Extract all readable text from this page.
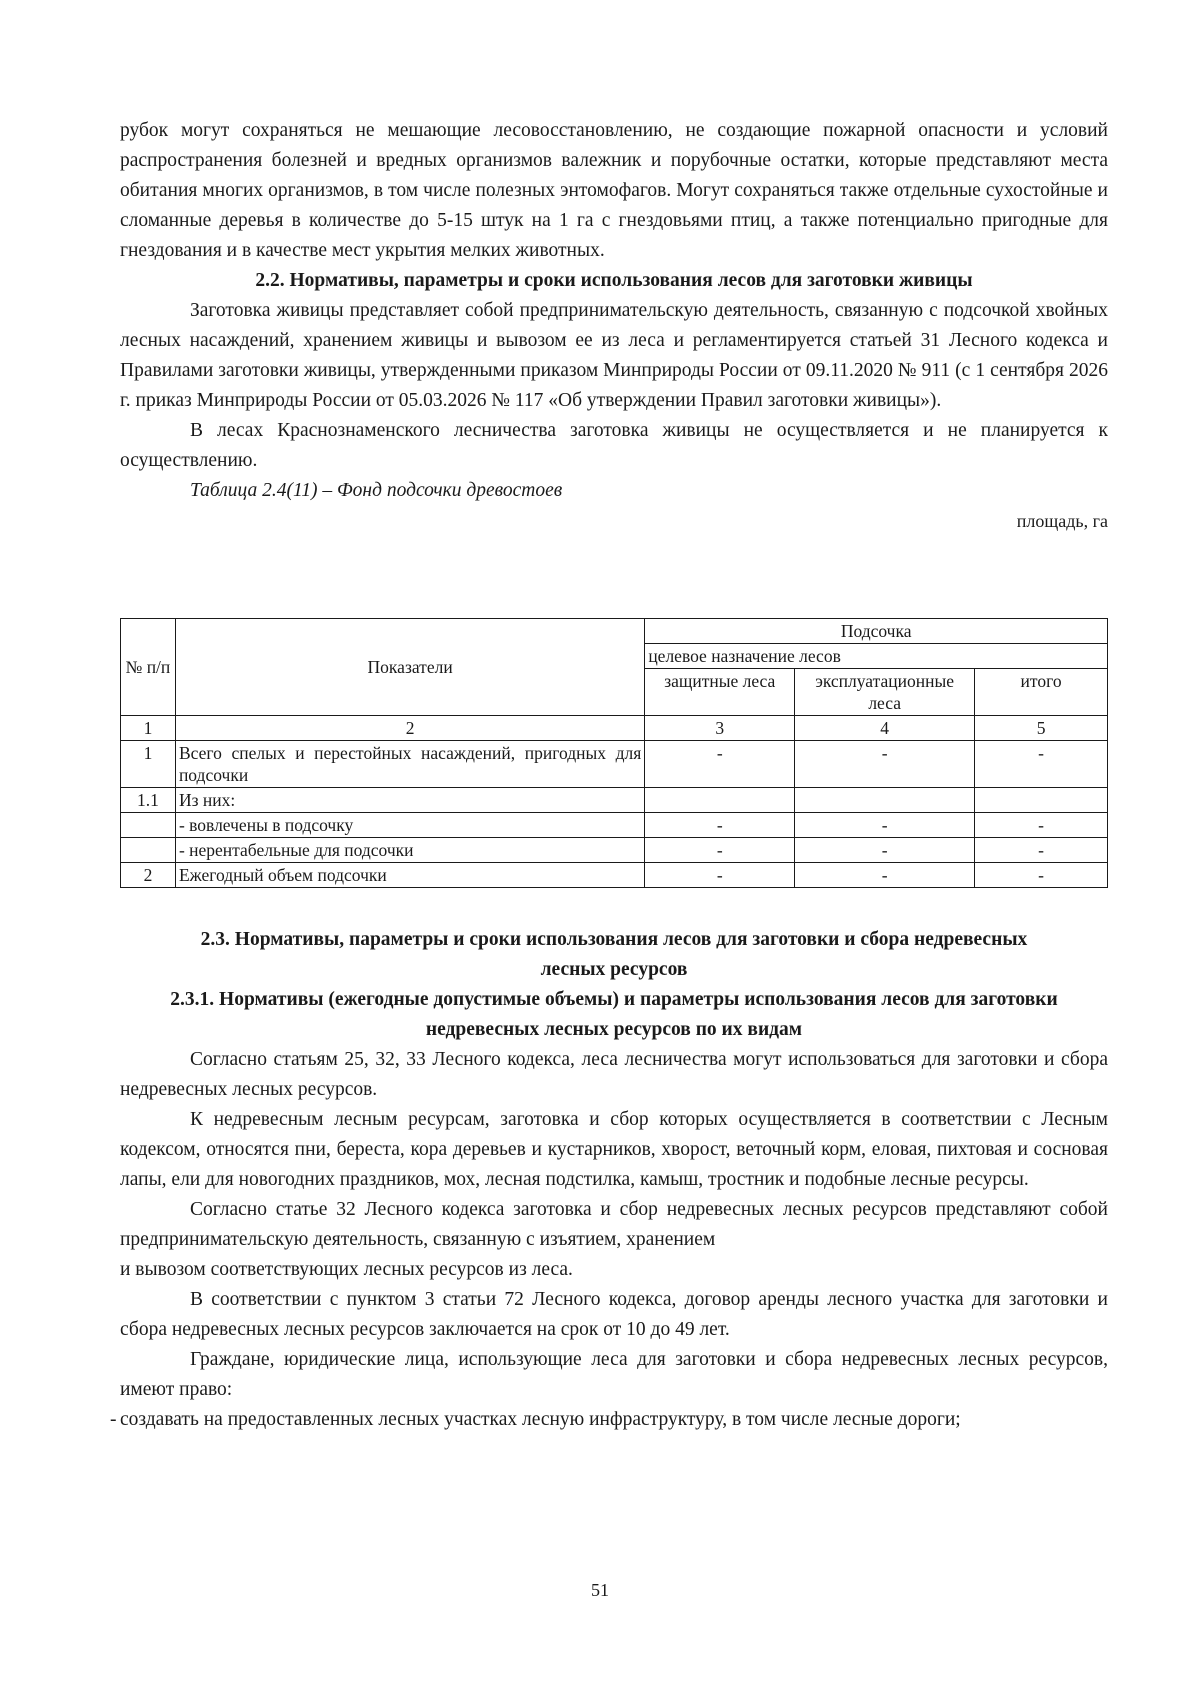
рубок могут сохраняться не мешающие лесовосстановлению, не создающие пожарной опасности и условий распространения болезней и вредных организмов валежник и порубочные остатки, которые представляют места обитания многих организмов, в том числе полезных энтомофагов. Могут сохраняться также отдельные сухостойные и сломанные деревья в количестве до 5-15 штук на 1 га с гнездовьями птиц, а также потенциально пригодные для гнездования и в качестве мест укрытия мелких животных.

2.2. Нормативы, параметры и сроки использования лесов для заготовки живицы

Заготовка живицы представляет собой предпринимательскую деятельность, связанную с подсочкой хвойных лесных насаждений, хранением живицы и вывозом ее из леса и регламентируется статьей 31 Лесного кодекса и Правилами заготовки живицы, утвержденными приказом Минприроды России от 09.11.2020 № 911 (с 1 сентября 2026 г. приказ Минприроды России от 05.03.2026 № 117 «Об утверждении Правил заготовки живицы»).

В лесах Краснознаменского лесничества заготовка живицы не осуществляется и не планируется к осуществлению.

Таблица 2.4(11) – Фонд подсочки древостоев

площадь, га

№ п/п	Показатели	Подсочка		
		целевое назначение лесов		
		защитные леса	эксплуатационные леса	итого
1	2	3	4	5
1	Всего спелых и перестойных насаждений, пригодных для подсочки	-	-	-
1.1	Из них:			
	- вовлечены в подсочку	-	-	-
	- нерентабельные для подсочки	-	-	-
2	Ежегодный объем подсочки	-	-	-
2.3. Нормативы, параметры и сроки использования лесов для заготовки и сбора недревесных лесных ресурсов
2.3.1. Нормативы (ежегодные допустимые объемы) и параметры использования лесов для заготовки недревесных лесных ресурсов по их видам

Согласно статьям 25, 32, 33 Лесного кодекса, леса лесничества могут использоваться для заготовки и сбора недревесных лесных ресурсов.

К недревесным лесным ресурсам, заготовка и сбор которых осуществляется в соответствии с Лесным кодексом, относятся пни, береста, кора деревьев и кустарников, хворост, веточный корм, еловая, пихтовая и сосновая лапы, ели для новогодних праздников, мох, лесная подстилка, камыш, тростник и подобные лесные ресурсы.

Согласно статье 32 Лесного кодекса заготовка и сбор недревесных лесных ресурсов представляют собой предпринимательскую деятельность, связанную с изъятием, хранением

и вывозом соответствующих лесных ресурсов из леса.

В соответствии с пунктом 3 статьи 72 Лесного кодекса, договор аренды лесного участка для заготовки и сбора недревесных лесных ресурсов заключается на срок от 10 до 49 лет.

Граждане, юридические лица, использующие леса для заготовки и сбора недревесных лесных ресурсов, имеют право:

- создавать на предоставленных лесных участках лесную инфраструктуру, в том числе лесные дороги;

51
